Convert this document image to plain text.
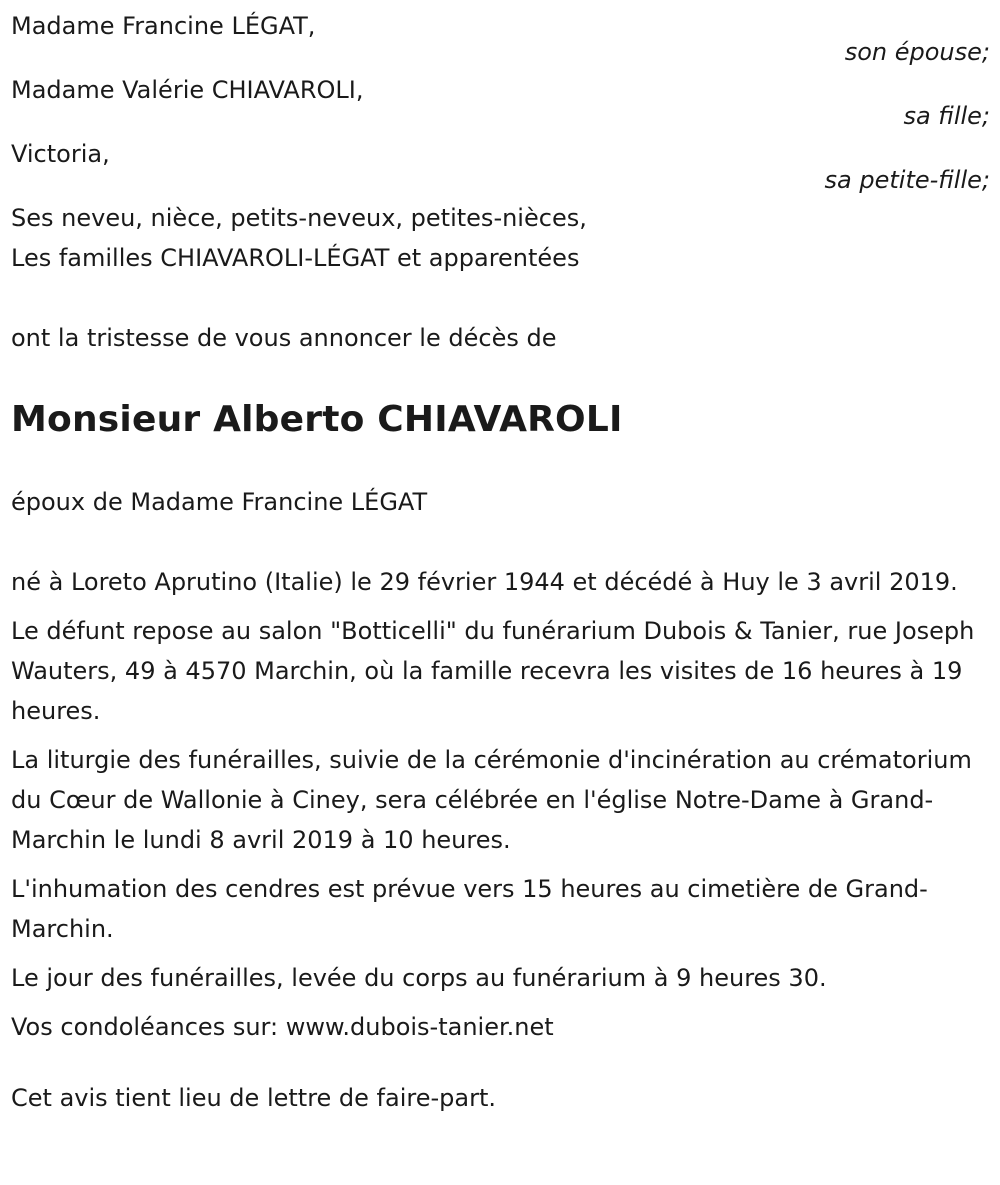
Madame Francine LÉGAT,
son épouse;
Madame Valérie CHIAVAROLI,
sa fille;
Victoria,
sa petite-fille;
Ses neveu, nièce, petits-neveux, petites-nièces,
Les familles CHIAVAROLI-LÉGAT et apparentées
ont la tristesse de vous annoncer le décès de
Monsieur Alberto CHIAVAROLI
époux de Madame Francine LÉGAT
né à Loreto Aprutino (Italie) le 29 février 1944 et décédé à Huy le 3 avril 2019.
Le défunt repose au salon "Botticelli" du funérarium Dubois & Tanier, rue Joseph Wauters, 49 à 4570 Marchin, où la famille recevra les visites de 16 heures à 19 heures.
La liturgie des funérailles, suivie de la cérémonie d'incinération au crématorium du Cœur de Wallonie à Ciney, sera célébrée en l'église Notre-Dame à Grand-Marchin le lundi 8 avril 2019 à 10 heures.
L'inhumation des cendres est prévue vers 15 heures au cimetière de Grand-Marchin.
Le jour des funérailles, levée du corps au funérarium à 9 heures 30.
Vos condoléances sur: www.dubois-tanier.net
Cet avis tient lieu de lettre de faire-part.
